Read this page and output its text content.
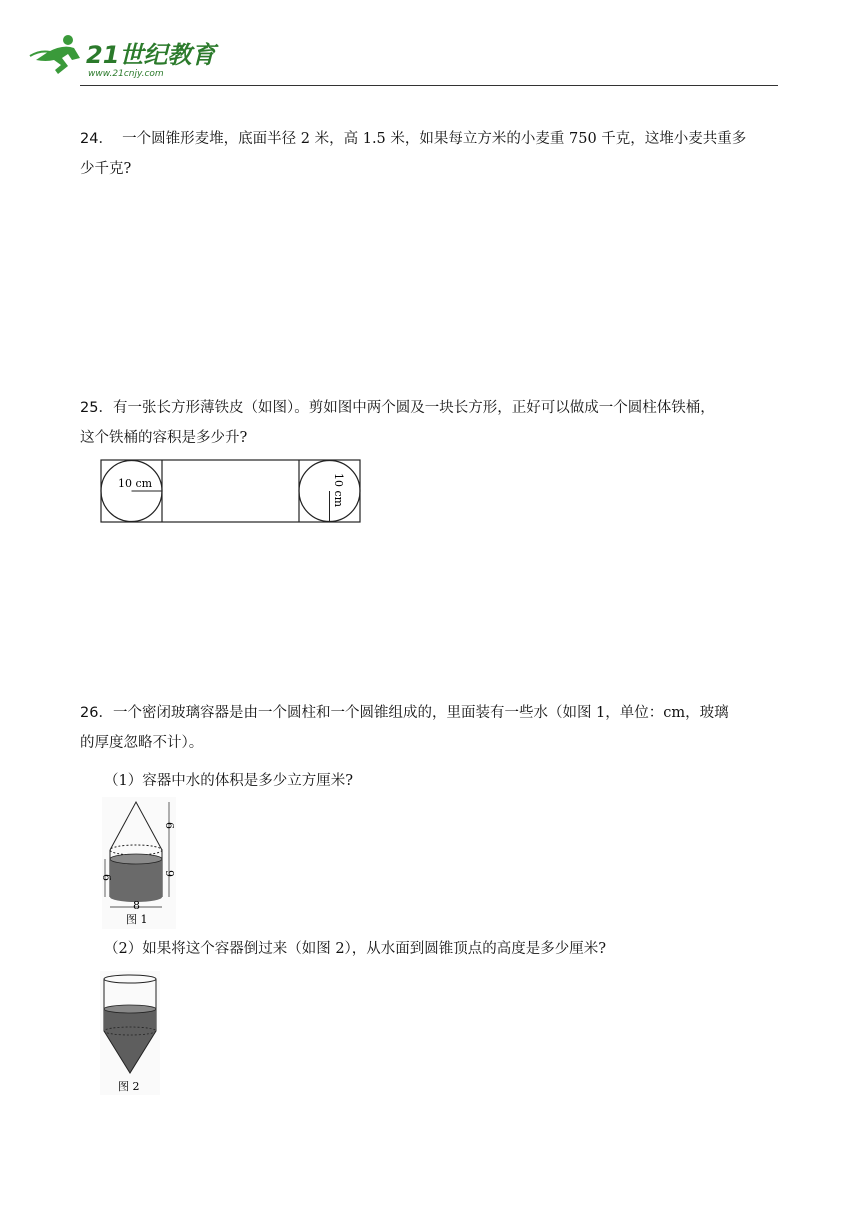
21世纪教育
www.21cnjy.com
24． 一个圆锥形麦堆，底面半径 2 米，高 1.5 米，如果每立方米的小麦重 750 千克，这堆小麦共重多
少千克?
25．有一张长方形薄铁皮（如图）。剪如图中两个圆及一块长方形，正好可以做成一个圆柱体铁桶，
这个铁桶的容积是多少升?
10 cm	10 cm
26．一个密闭玻璃容器是由一个圆柱和一个圆锥组成的，里面装有一些水（如图 1，单位：cm，玻璃
的厚度忽略不计）。
（1）容器中水的体积是多少立方厘米?
6
9
6
8
图 1
（2）如果将这个容器倒过来（如图 2），从水面到圆锥顶点的高度是多少厘米?
图 2
